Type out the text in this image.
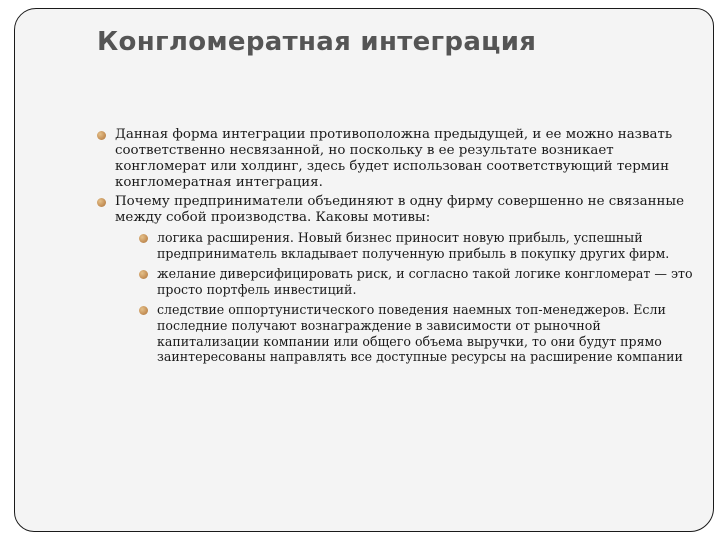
Конгломератная интеграция
Данная форма интеграции противоположна предыдущей, и ее можно назвать соответственно несвязанной, но поскольку в ее результате возникает конгломерат или холдинг, здесь будет использован соответствующий термин конгломератная интеграция.
Почему предприниматели объединяют в одну фирму совершенно не связанные между собой производства. Каковы мотивы:
логика расширения. Новый бизнес приносит новую прибыль, успешный предприниматель вкладывает полученную прибыль в покупку других фирм.
желание диверсифицировать риск, и согласно такой логике конгломерат — это просто портфель инвестиций.
следствие оппортунистического поведения наемных топ-менеджеров. Если последние получают вознаграждение в зависимости от рыночной капитализации компании или общего объема выручки, то они будут прямо заинтересованы направлять все доступные ресурсы на расширение компании
